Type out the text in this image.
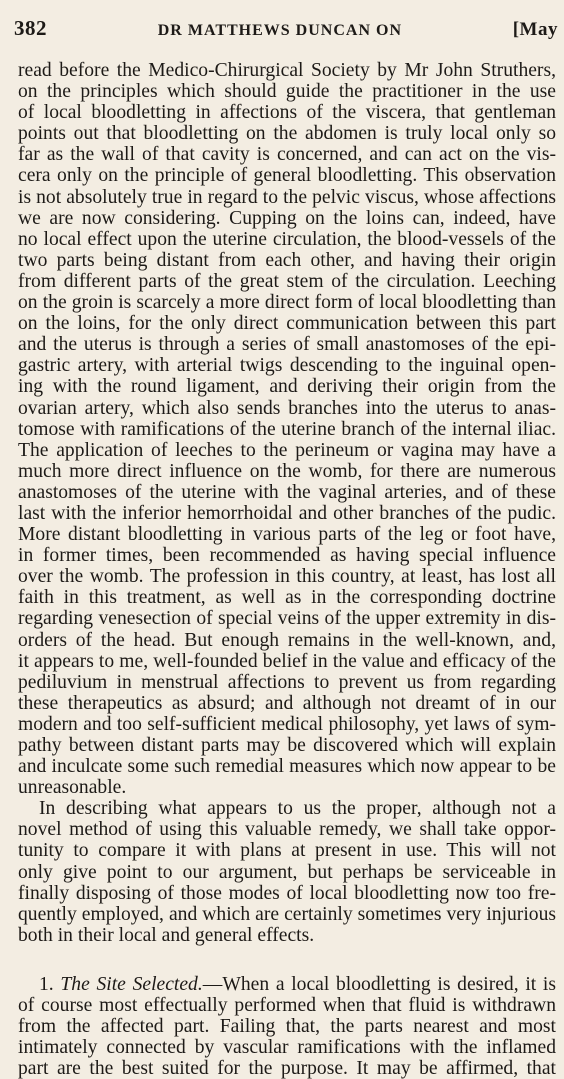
382	DR MATTHEWS DUNCAN ON	[May
read before the Medico-Chirurgical Society by Mr John Struthers,
on the principles which should guide the practitioner in the use
of local bloodletting in affections of the viscera, that gentleman
points out that bloodletting on the abdomen is truly local only so
far as the wall of that cavity is concerned, and can act on the vis-
cera only on the principle of general bloodletting. This observation
is not absolutely true in regard to the pelvic viscus, whose affections
we are now considering. Cupping on the loins can, indeed, have
no local effect upon the uterine circulation, the blood-vessels of the
two parts being distant from each other, and having their origin
from different parts of the great stem of the circulation. Leeching
on the groin is scarcely a more direct form of local bloodletting than
on the loins, for the only direct communication between this part
and the uterus is through a series of small anastomoses of the epi-
gastric artery, with arterial twigs descending to the inguinal open-
ing with the round ligament, and deriving their origin from the
ovarian artery, which also sends branches into the uterus to anas-
tomose with ramifications of the uterine branch of the internal iliac.
The application of leeches to the perineum or vagina may have a
much more direct influence on the womb, for there are numerous
anastomoses of the uterine with the vaginal arteries, and of these
last with the inferior hemorrhoidal and other branches of the pudic.
More distant bloodletting in various parts of the leg or foot have,
in former times, been recommended as having special influence
over the womb. The profession in this country, at least, has lost all
faith in this treatment, as well as in the corresponding doctrine
regarding venesection of special veins of the upper extremity in dis-
orders of the head. But enough remains in the well-known, and,
it appears to me, well-founded belief in the value and efficacy of the
pediluvium in menstrual affections to prevent us from regarding
these therapeutics as absurd; and although not dreamt of in our
modern and too self-sufficient medical philosophy, yet laws of sym-
pathy between distant parts may be discovered which will explain
and inculcate some such remedial measures which now appear to be
unreasonable.
In describing what appears to us the proper, although not a
novel method of using this valuable remedy, we shall take oppor-
tunity to compare it with plans at present in use. This will not
only give point to our argument, but perhaps be serviceable in
finally disposing of those modes of local bloodletting now too fre-
quently employed, and which are certainly sometimes very injurious
both in their local and general effects.
1. The Site Selected.—When a local bloodletting is desired, it is
of course most effectually performed when that fluid is withdrawn
from the affected part. Failing that, the parts nearest and most
intimately connected by vascular ramifications with the inflamed
part are the best suited for the purpose. It may be affirmed, that
